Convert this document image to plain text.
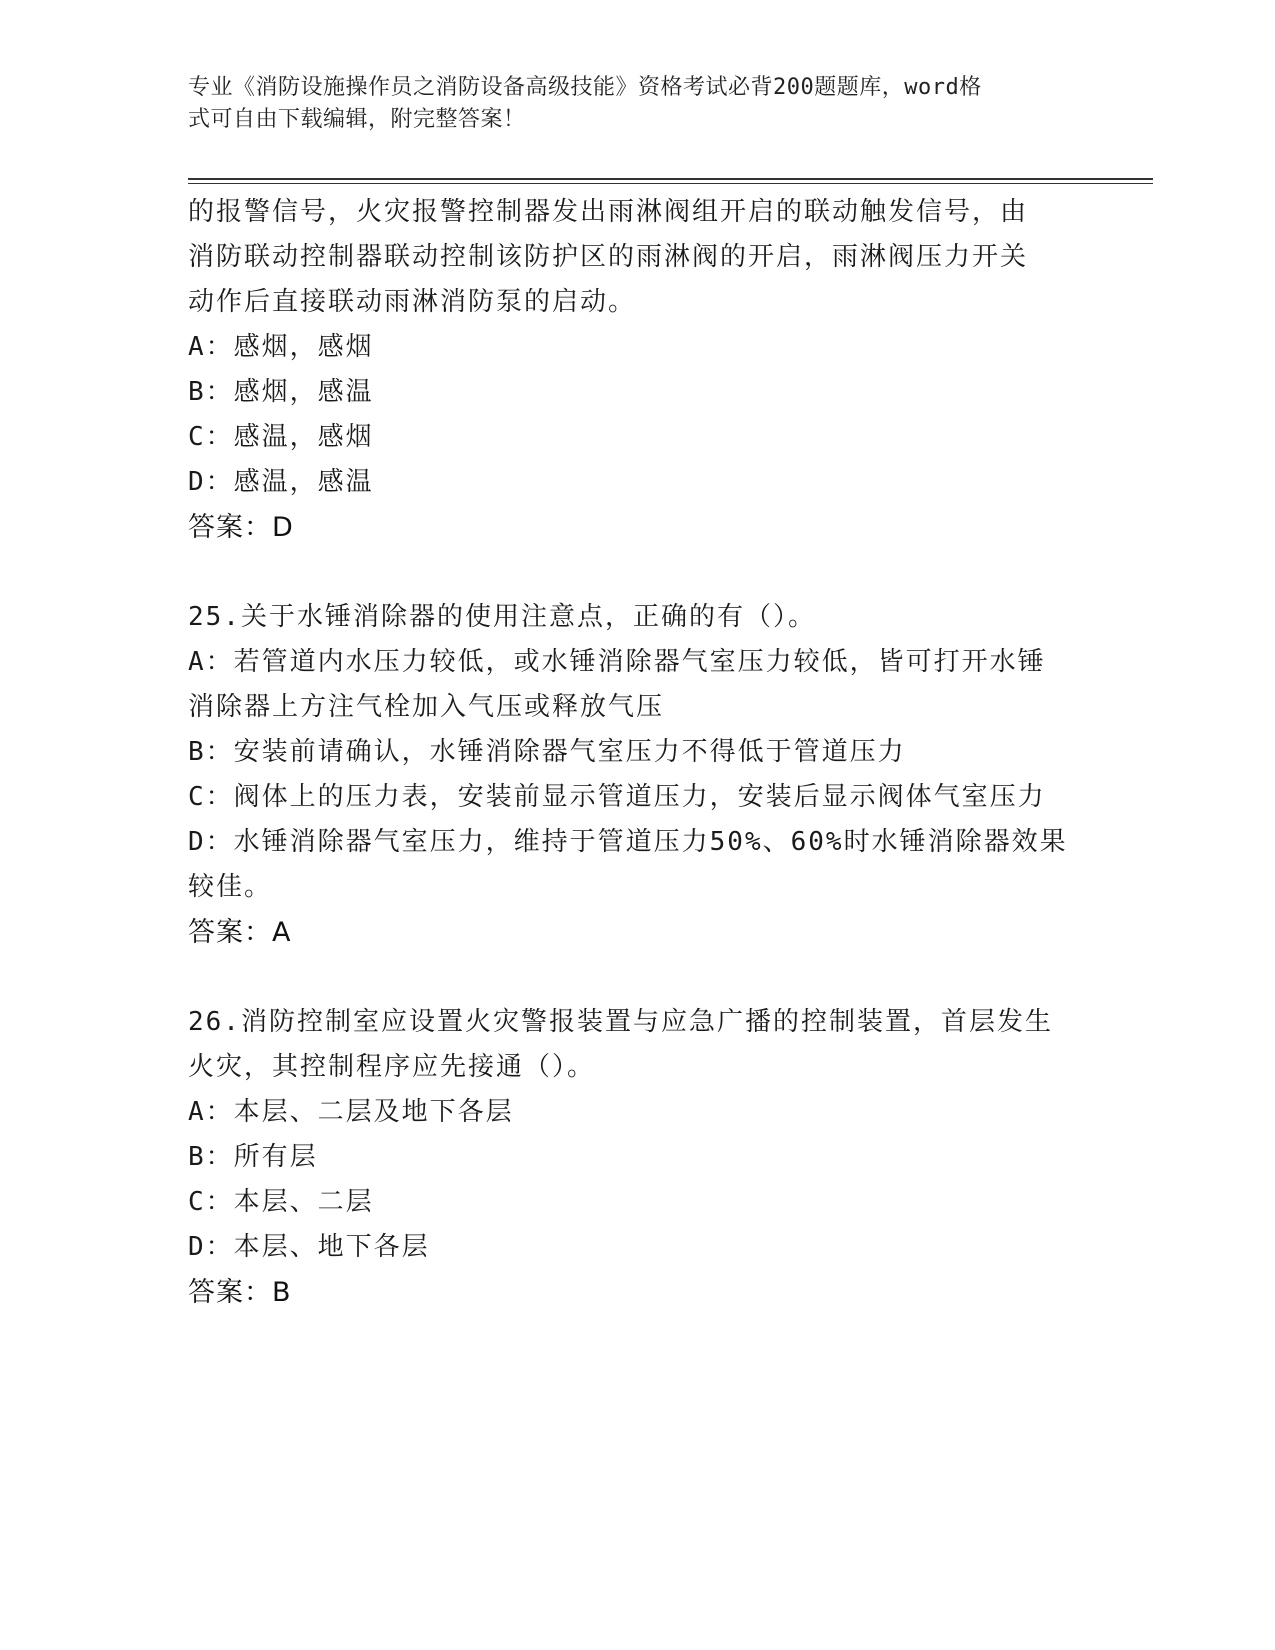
专业《消防设施操作员之消防设备高级技能》资格考试必背200题题库，word格
式可自由下载编辑，附完整答案！
的报警信号，火灾报警控制器发出雨淋阀组开启的联动触发信号，由
消防联动控制器联动控制该防护区的雨淋阀的开启，雨淋阀压力开关
动作后直接联动雨淋消防泵的启动。
A：感烟，感烟
B：感烟，感温
C：感温，感烟
D：感温，感温
答案：D
25.关于水锤消除器的使用注意点，正确的有（）。
A：若管道内水压力较低，或水锤消除器气室压力较低，皆可打开水锤
消除器上方注气栓加入气压或释放气压
B：安装前请确认，水锤消除器气室压力不得低于管道压力
C：阀体上的压力表，安装前显示管道压力，安装后显示阀体气室压力
D：水锤消除器气室压力，维持于管道压力50%、60%时水锤消除器效果
较佳。
答案：A
26.消防控制室应设置火灾警报装置与应急广播的控制装置，首层发生
火灾，其控制程序应先接通（）。
A：本层、二层及地下各层
B：所有层
C：本层、二层
D：本层、地下各层
答案：B
